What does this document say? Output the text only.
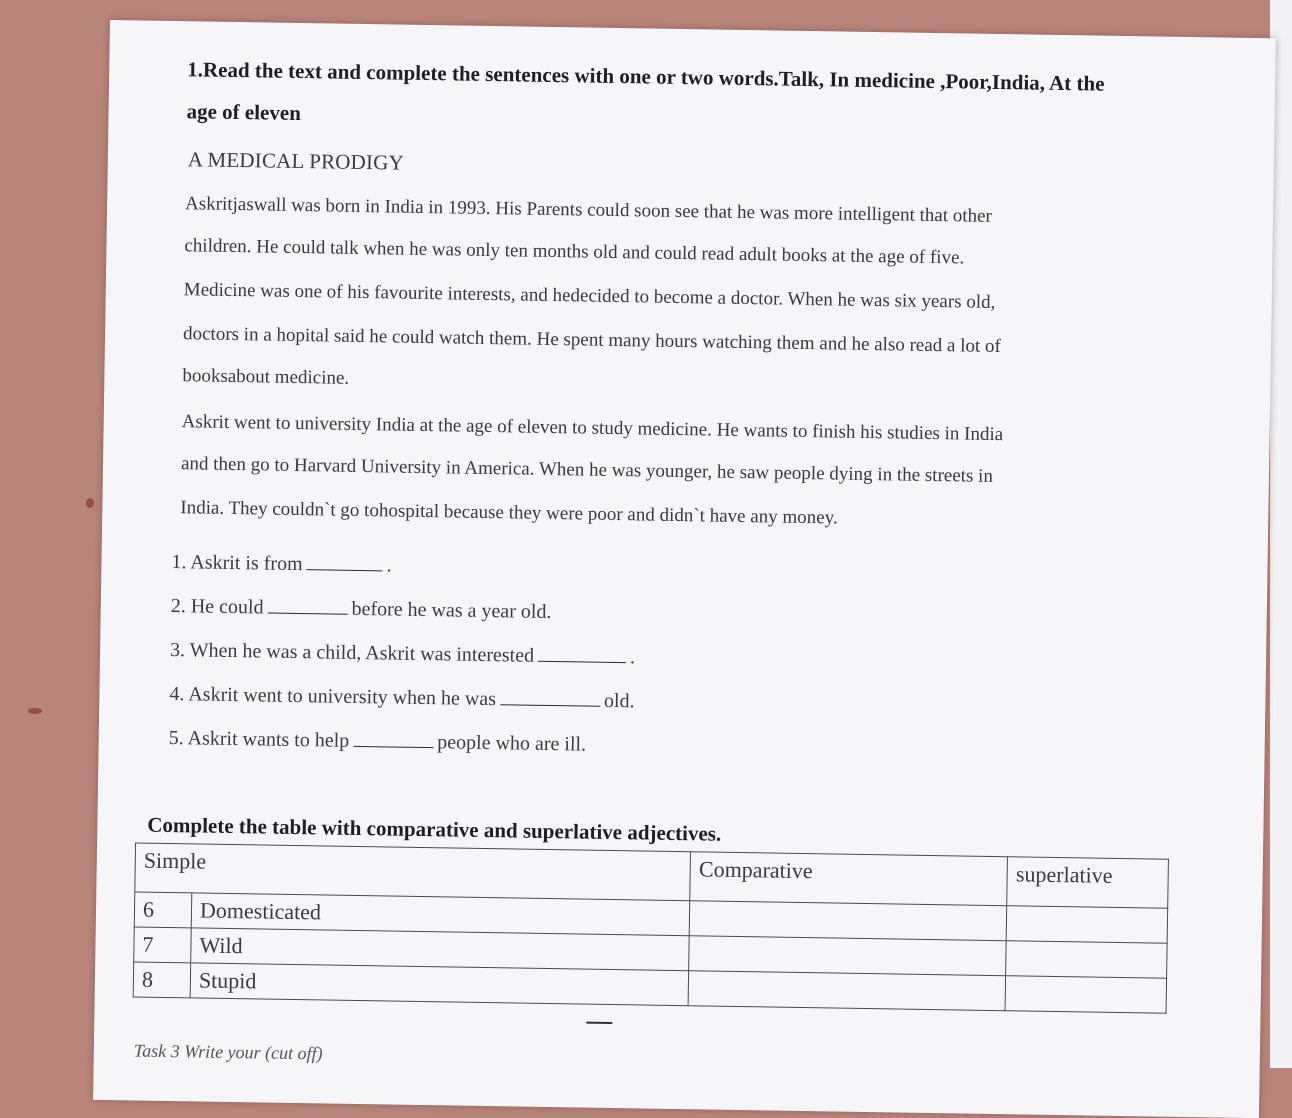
1.Read the text and complete the sentences with one or two words.Talk, In medicine ,Poor,India, At the
age of eleven
A MEDICAL PRODIGY
Askritjaswall was born in India in 1993. His Parents could soon see that he was more intelligent that other
children. He could talk when he was only ten months old and could read adult books at the age of five.
Medicine was one of his favourite interests, and hedecided to become a doctor. When he was six years old,
doctors in a hopital said he could watch them. He spent many hours watching them and he also read a lot of
booksabout medicine.
Askrit went to university India at the age of eleven to study medicine. He wants to finish his studies in India
and then go to Harvard University in America. When he was younger, he saw people dying in the streets in
India. They couldn`t go tohospital because they were poor and didn`t have any money.
1. Askrit is from	.
2. He could	before he was a year old.
3. When he was a child, Askrit was interested	.
4. Askrit went to university when he was	old.
5. Askrit wants to help	people who are ill.
Complete the table with comparative and superlative adjectives.
Simple		Comparative	superlative
6	Domesticated		
7	Wild		
8	Stupid		
Task 3 Write your (cut off)
